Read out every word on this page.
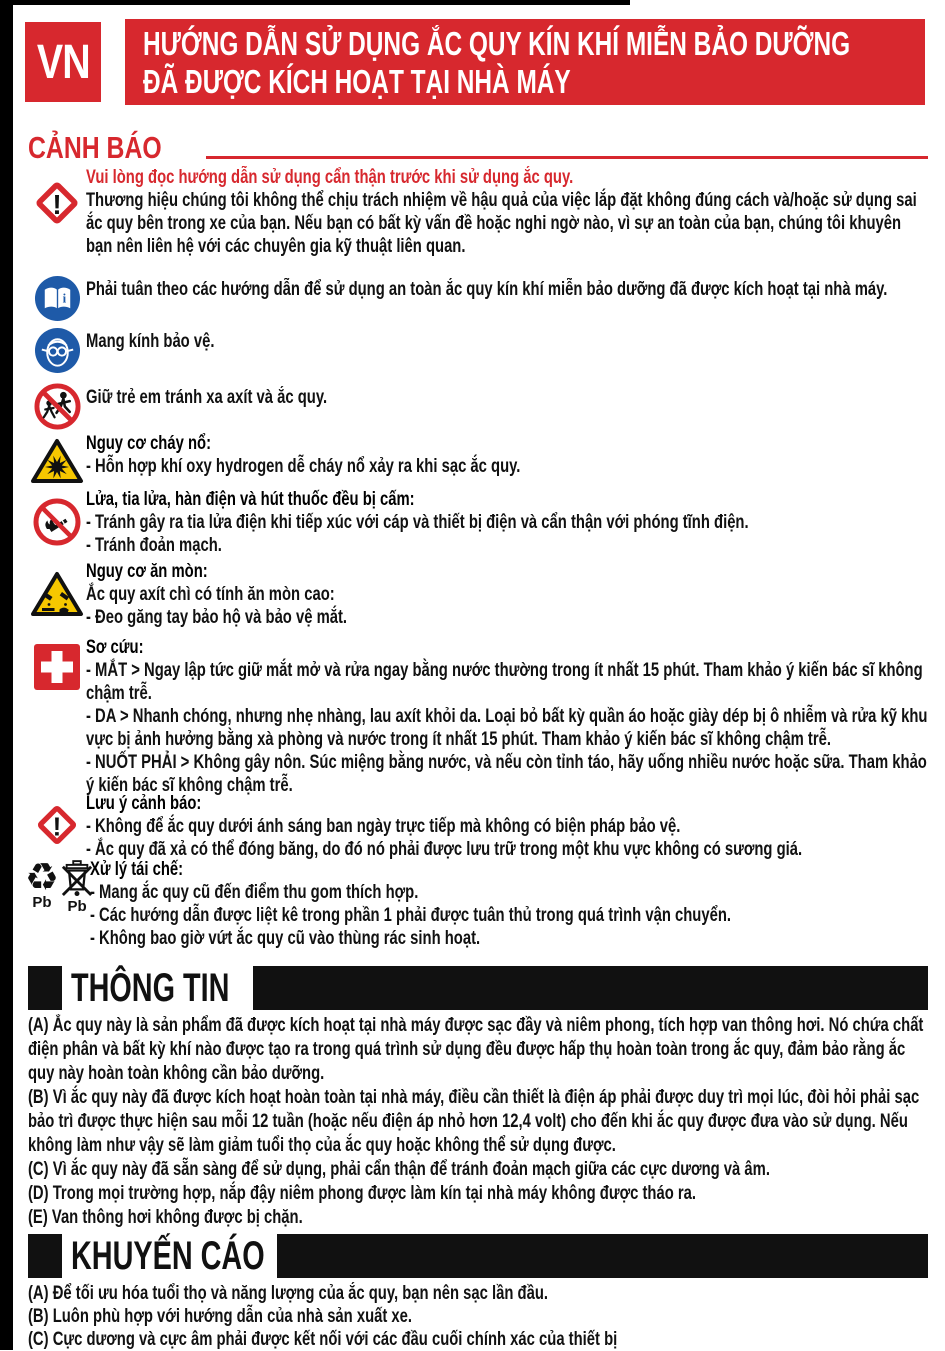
VN HƯỚNG DẪN SỬ DỤNG ẮC QUY KÍN KHÍ MIỄN BẢO DƯỠNG
ĐÃ ĐƯỢC KÍCH HOẠT TẠI NHÀ MÁY
CẢNH BÁO
!
Vui lòng đọc hướng dẫn sử dụng cẩn thận trước khi sử dụng ắc quy.
Thương hiệu chúng tôi không thể chịu trách nhiệm về hậu quả của việc lắp đặt không đúng cách và/hoặc sử dụng sai ắc quy bên trong xe của bạn. Nếu bạn có bất kỳ vấn đề hoặc nghi ngờ nào, vì sự an toàn của bạn, chúng tôi khuyên bạn nên liên hệ với các chuyên gia kỹ thuật liên quan.
i Phải tuân theo các hướng dẫn để sử dụng an toàn ắc quy kín khí miễn bảo dưỡng đã được kích hoạt tại nhà máy.
Mang kính bảo vệ.
Giữ trẻ em tránh xa axít và ắc quy.
Nguy cơ cháy nổ:
- Hỗn hợp khí oxy hydrogen dễ cháy nổ xảy ra khi sạc ắc quy.
Lửa, tia lửa, hàn điện và hút thuốc đều bị cấm:
- Tránh gây ra tia lửa điện khi tiếp xúc với cáp và thiết bị điện và cẩn thận với phóng tĩnh điện.
- Tránh đoản mạch.
Nguy cơ ăn mòn:
Ắc quy axít chì có tính ăn mòn cao:
- Đeo găng tay bảo hộ và bảo vệ mắt.
Sơ cứu:
- MẮT > Ngay lập tức giữ mắt mở và rửa ngay bằng nước thường trong ít nhất 15 phút. Tham khảo ý kiến bác sĩ không chậm trễ.
- DA > Nhanh chóng, nhưng nhẹ nhàng, lau axít khỏi da. Loại bỏ bất kỳ quần áo hoặc giày dép bị ô nhiễm và rửa kỹ khu vực bị ảnh hưởng bằng xà phòng và nước trong ít nhất 15 phút. Tham khảo ý kiến bác sĩ không chậm trễ.
- NUỐT PHẢI > Không gây nôn. Súc miệng bằng nước, và nếu còn tỉnh táo, hãy uống nhiều nước hoặc sữa. Tham khảo ý kiến bác sĩ không chậm trễ.
!
Lưu ý cảnh báo:
- Không để ắc quy dưới ánh sáng ban ngày trực tiếp mà không có biện pháp bảo vệ.
- Ắc quy đã xả có thể đóng băng, do đó nó phải được lưu trữ trong một khu vực không có sương giá.
♻
Pb Pb
Xử lý tái chế:
- Mang ắc quy cũ đến điểm thu gom thích hợp.
- Các hướng dẫn được liệt kê trong phần 1 phải được tuân thủ trong quá trình vận chuyển.
- Không bao giờ vứt ắc quy cũ vào thùng rác sinh hoạt.
THÔNG TIN

(A) Ắc quy này là sản phẩm đã được kích hoạt tại nhà máy được sạc đầy và niêm phong, tích hợp van thông hơi. Nó chứa chất điện phân và bất kỳ khí nào được tạo ra trong quá trình sử dụng đều được hấp thụ hoàn toàn trong ắc quy, đảm bảo rằng ắc quy này hoàn toàn không cần bảo dưỡng.

(B) Vì ắc quy này đã được kích hoạt hoàn toàn tại nhà máy, điều cần thiết là điện áp phải được duy trì mọi lúc, đòi hỏi phải sạc bảo trì được thực hiện sau mỗi 12 tuần (hoặc nếu điện áp nhỏ hơn 12,4 volt) cho đến khi ắc quy được đưa vào sử dụng. Nếu không làm như vậy sẽ làm giảm tuổi thọ của ắc quy hoặc không thể sử dụng được.

(C) Vì ắc quy này đã sẵn sàng để sử dụng, phải cẩn thận để tránh đoản mạch giữa các cực dương và âm.

(D) Trong mọi trường hợp, nắp đậy niêm phong được làm kín tại nhà máy không được tháo ra.

(E) Van thông hơi không được bị chặn.

KHUYẾN CÁO

(A) Để tối ưu hóa tuổi thọ và năng lượng của ắc quy, bạn nên sạc lần đầu.

(B) Luôn phù hợp với hướng dẫn của nhà sản xuất xe.

(C) Cực dương và cực âm phải được kết nối với các đầu cuối chính xác của thiết bị
